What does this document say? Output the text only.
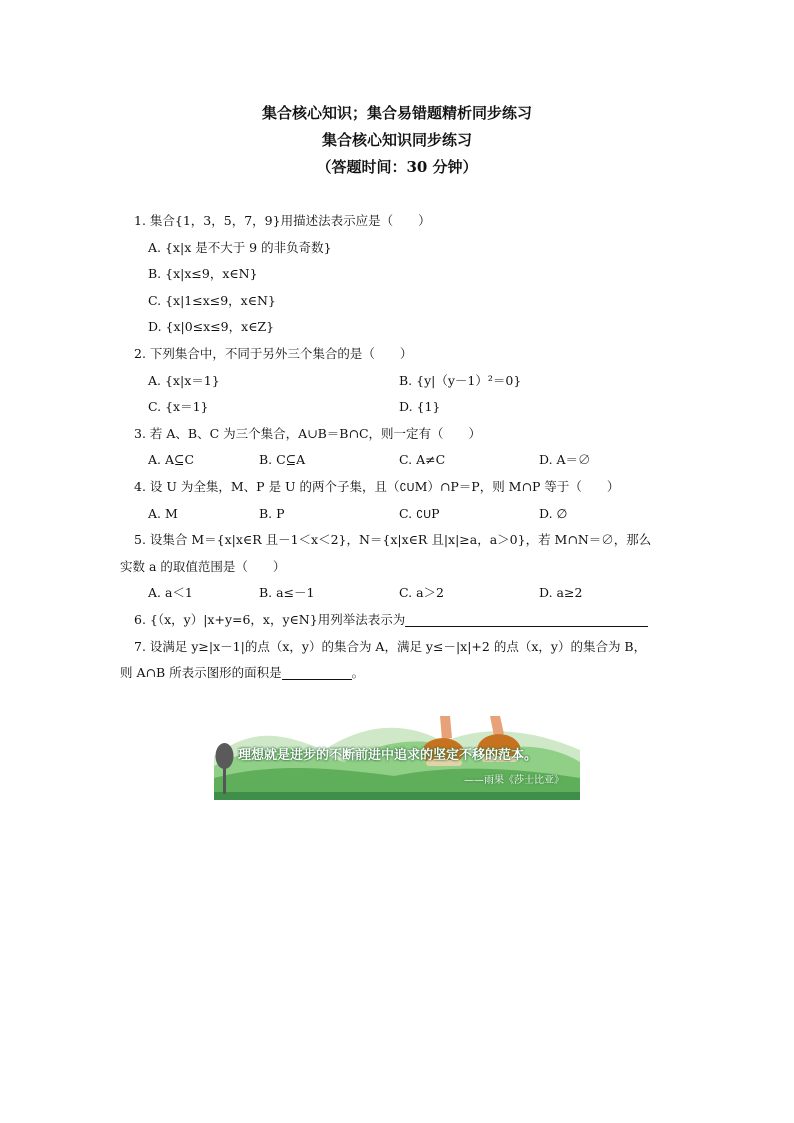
集合核心知识；集合易错题精析同步练习
集合核心知识同步练习
（答题时间：30 分钟）
1. 集合{1，3，5，7，9}用描述法表示应是（　　）
A. {x|x 是不大于 9 的非负奇数}
B. {x|x≤9，x∈N}
C. {x|1≤x≤9，x∈N}
D. {x|0≤x≤9，x∈Z}
2. 下列集合中，不同于另外三个集合的是（　　）
A. {x|x＝1}	B. {y|（y－1）²＝0}
C. {x＝1}	D. {1}
3. 若 A、B、C 为三个集合，A∪B＝B∩C，则一定有（　　）
A. A⊆C	B. C⊆A	C. A≠C	D. A＝∅
4. 设 U 为全集，M、P 是 U 的两个子集，且（∁UM）∩P＝P，则 M∩P 等于（　　）
A. M	B. P	C. ∁UP	D. ∅
5. 设集合 M＝{x|x∈R 且－1＜x＜2}，N＝{x|x∈R 且|x|≥a，a＞0}，若 M∩N＝∅，那么
实数 a 的取值范围是（　　）
A. a＜1	B. a≤－1	C. a＞2	D. a≥2
6. {（x，y）|x+y=6，x，y∈N}用列举法表示为
7. 设满足 y≥|x－1|的点（x，y）的集合为 A，满足 y≤－|x|+2 的点（x，y）的集合为 B，
则 A∩B 所表示图形的面积是	。
理想就是进步的不断前进中追求的坚定不移的范本。
——雨果《莎士比亚》
